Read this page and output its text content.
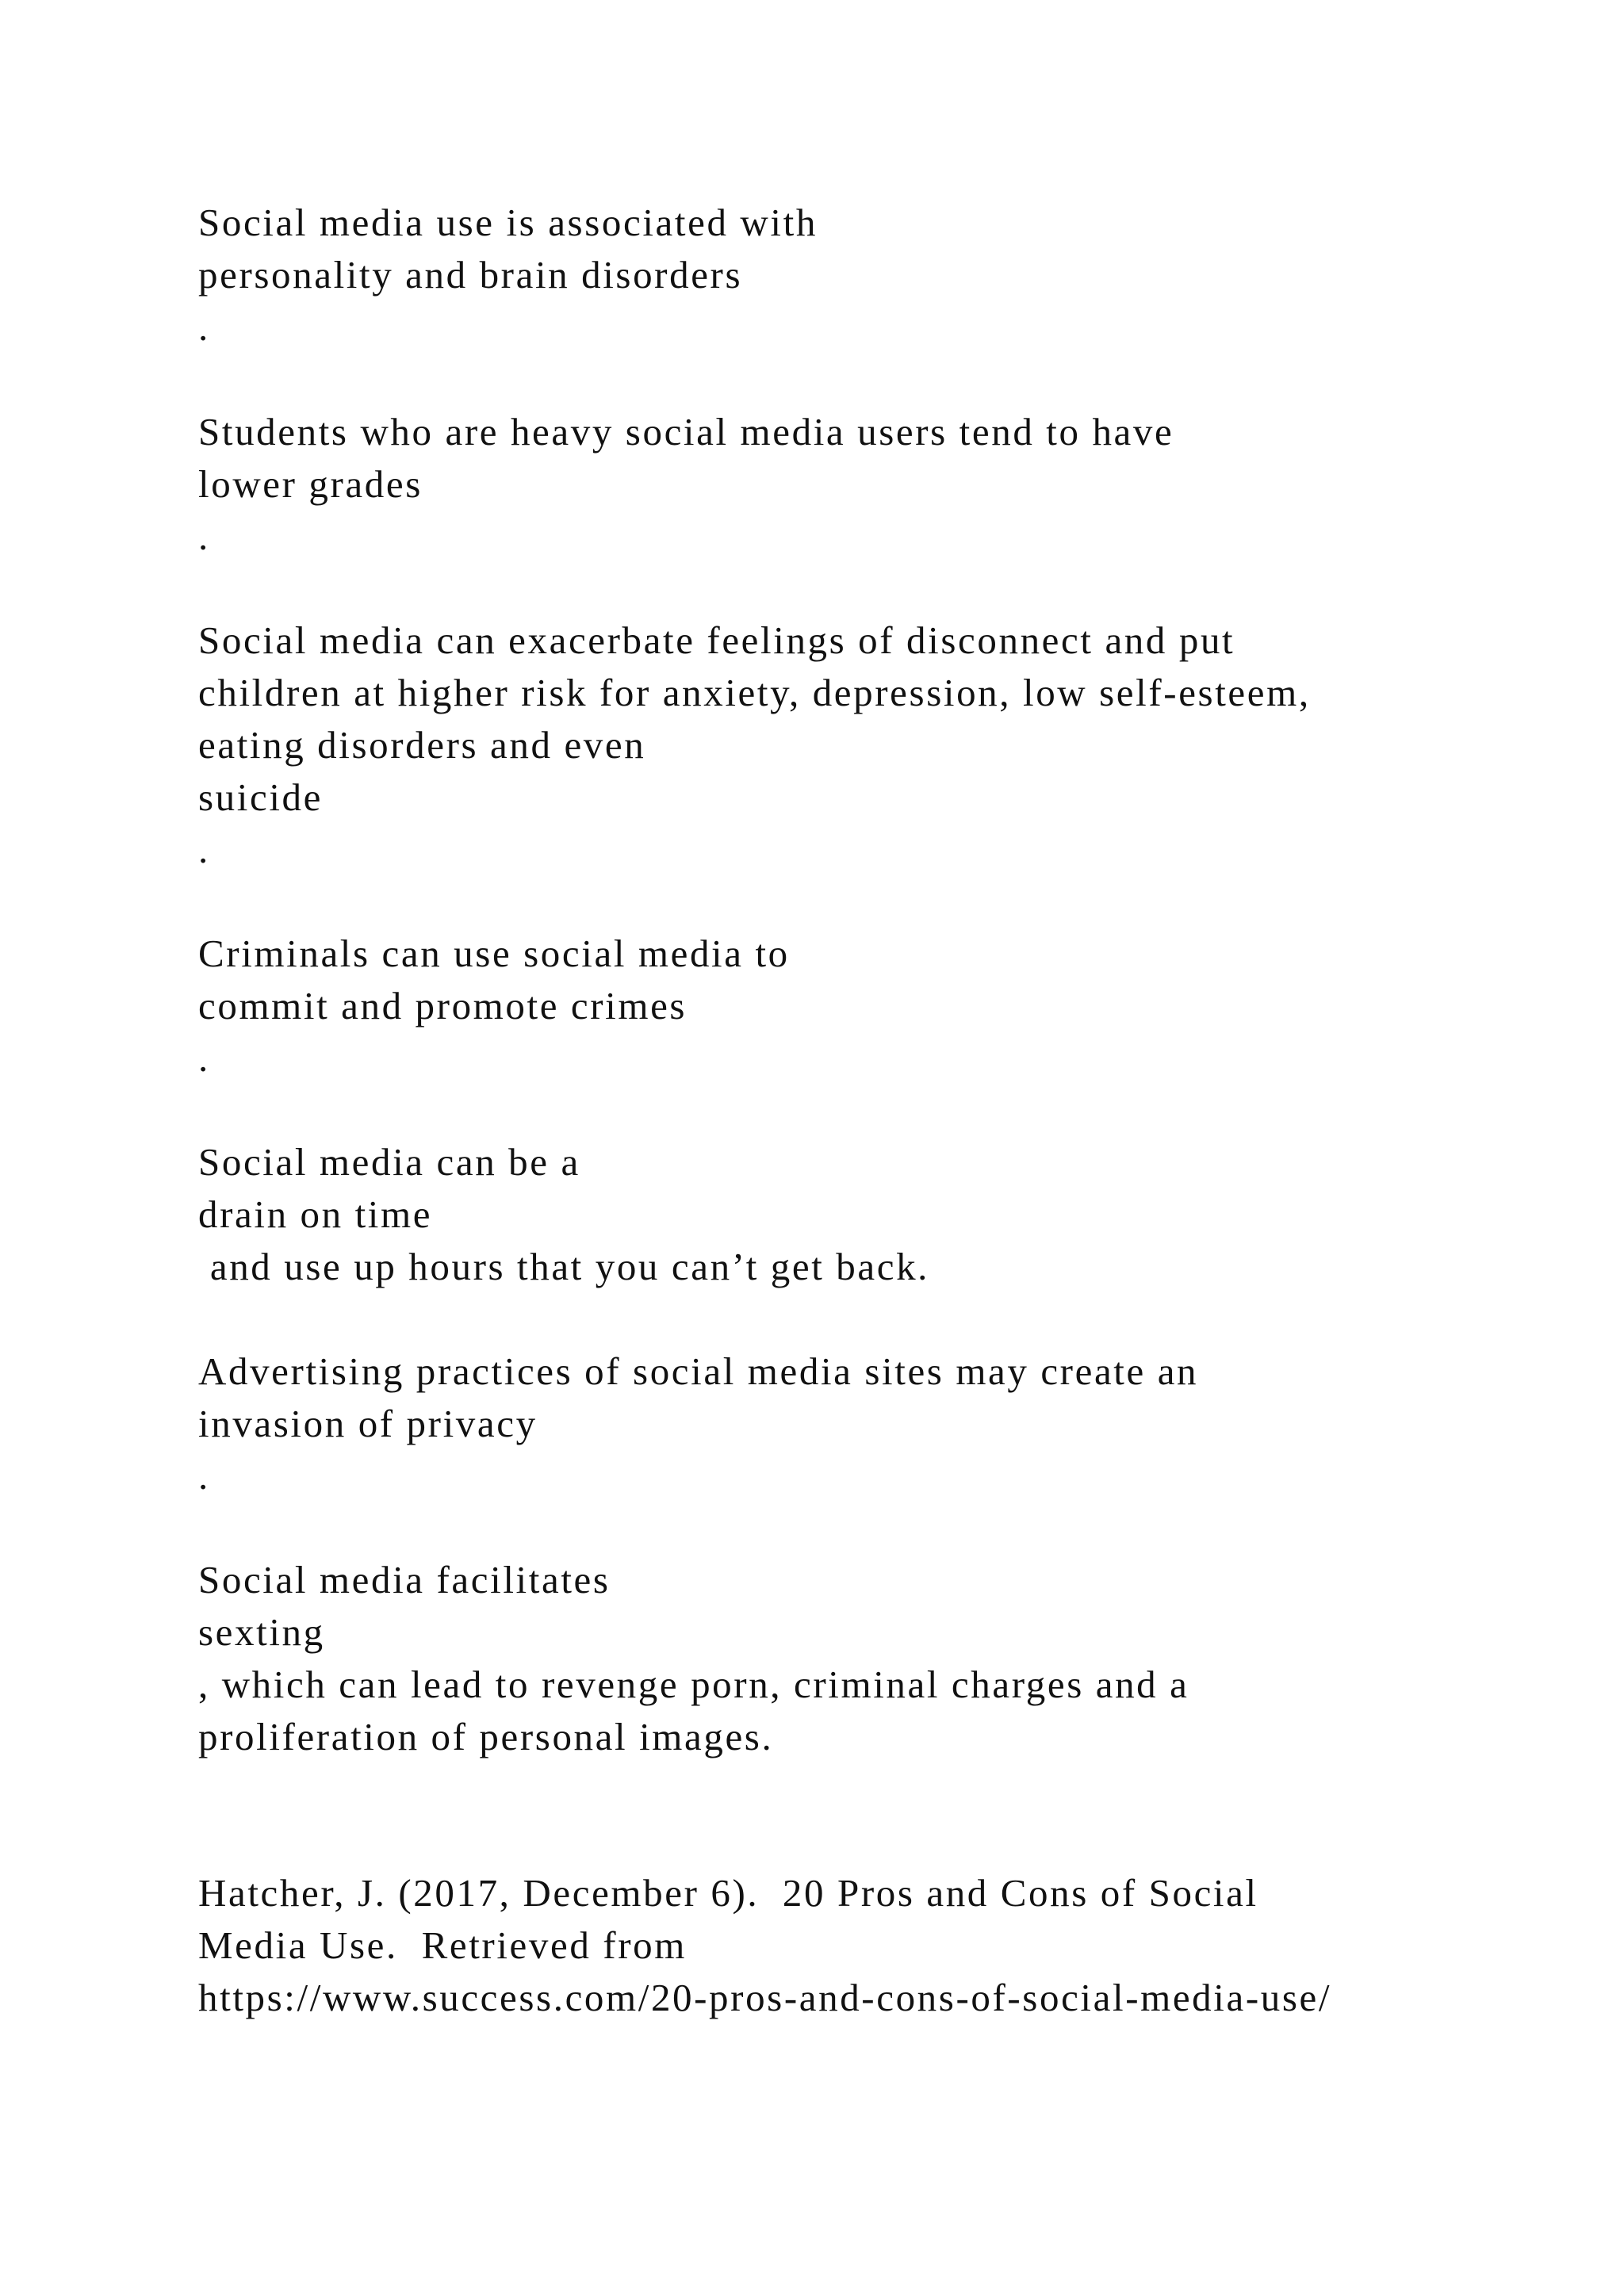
Social media use is associated with
personality and brain disorders
.
Students who are heavy social media users tend to have
lower grades
.
Social media can exacerbate feelings of disconnect and put
children at higher risk for anxiety, depression, low self-esteem,
eating disorders and even
suicide
.
Criminals can use social media to
commit and promote crimes
.
Social media can be a
drain on time
and use up hours that you can’t get back.
Advertising practices of social media sites may create an
invasion of privacy
.
Social media facilitates
sexting
, which can lead to revenge porn, criminal charges and a
proliferation of personal images.
Hatcher, J. (2017, December 6).  20 Pros and Cons of Social
Media Use.  Retrieved from
https://www.success.com/20-pros-and-cons-of-social-media-use/
